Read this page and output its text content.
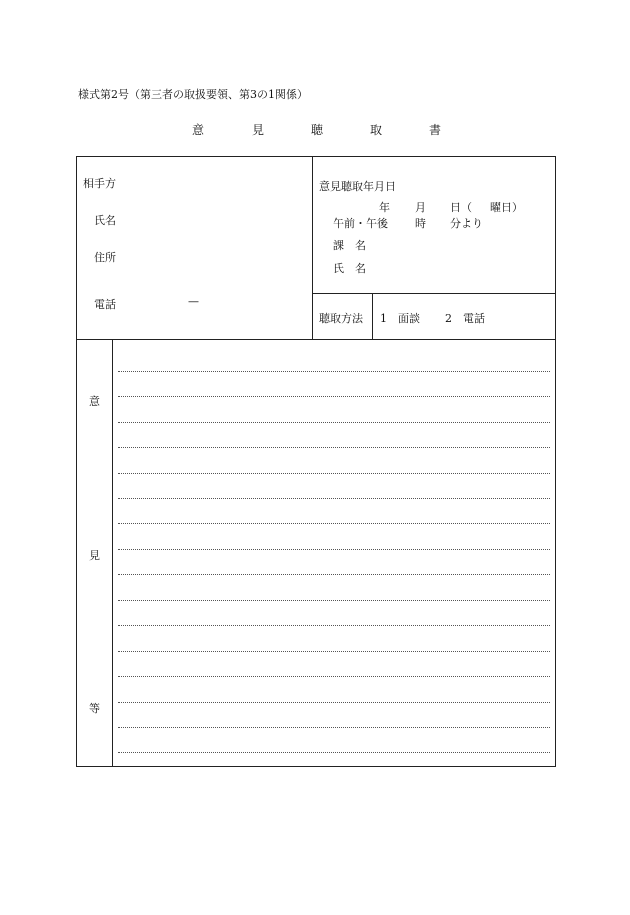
様式第2号（第三者の取扱要領、第3の1関係）
意	見	聴	取	書
相手方
氏名
住所
電話	—
意見聴取年月日
年 月 日（ 曜日）
午前・午後 時 分より
課　名
氏　名
聴取方法 1　面談 2　電話
意
見
等
